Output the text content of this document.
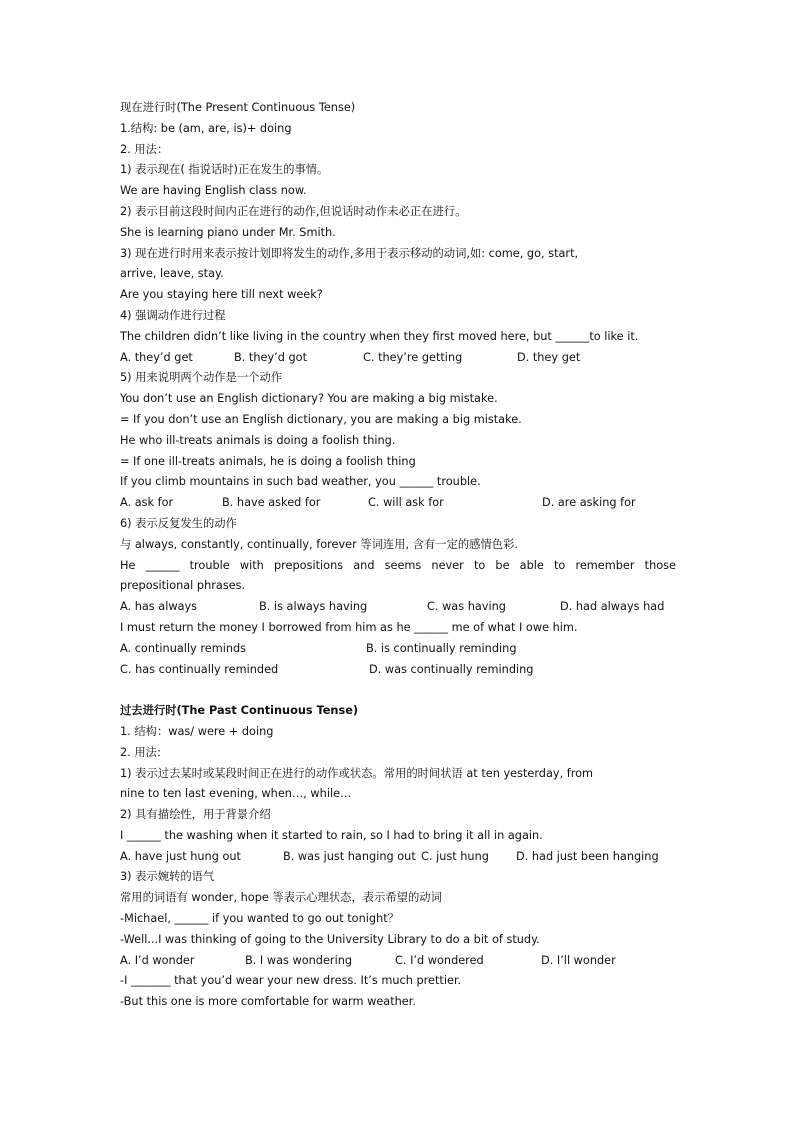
现在进行时(The Present Continuous Tense)
1.结构: be (am, are, is)+ doing
2. 用法：
1) 表示现在( 指说话时)正在发生的事情。
We are having English class now.
2) 表示目前这段时间内正在进行的动作,但说话时动作未必正在进行。
She is learning piano under Mr. Smith.
3) 现在进行时用来表示按计划即将发生的动作,多用于表示移动的动词,如: come, go, start,
arrive, leave, stay.
Are you staying here till next week?
4) 强调动作进行过程
The children didn’t like living in the country when they first moved here, but ______to like it.
A. they’d get	B. they’d got	C. they’re getting	D. they get
5) 用来说明两个动作是一个动作
You don’t use an English dictionary? You are making a big mistake.
= If you don’t use an English dictionary, you are making a big mistake.
He who ill-treats animals is doing a foolish thing.
= If one ill-treats animals, he is doing a foolish thing
If you climb mountains in such bad weather, you ______ trouble.
A. ask for	B. have asked for	C. will ask for	D. are asking for
6) 表示反复发生的动作
与 always, constantly, continually, forever 等词连用, 含有一定的感情色彩.
He ______ trouble with prepositions and seems never to be able to remember those
prepositional phrases.
A. has always	B. is always having	C. was having	D. had always had
I must return the money I borrowed from him as he ______ me of what I owe him.
A. continually reminds	B. is continually reminding
C. has continually reminded	D. was continually reminding
过去进行时(The Past Continuous Tense)
1. 结构：was/ were + doing
2. 用法:
1) 表示过去某时或某段时间正在进行的动作或状态。常用的时间状语 at ten yesterday, from
nine to ten last evening, when…, while…
2) 具有描绘性，用于背景介绍
I ______ the washing when it started to rain, so I had to bring it all in again.
A. have just hung out	B. was just hanging out C. just hung	D. had just been hanging
3) 表示婉转的语气
常用的词语有 wonder, hope 等表示心理状态，表示希望的动词
-Michael, ______ if you wanted to go out tonight？
-Well...I was thinking of going to the University Library to do a bit of study.
A. I’d wonder	B. I was wondering	C. I’d wondered	D. I’ll wonder
-I _______ that you’d wear your new dress. It’s much prettier.
-But this one is more comfortable for warm weather.
